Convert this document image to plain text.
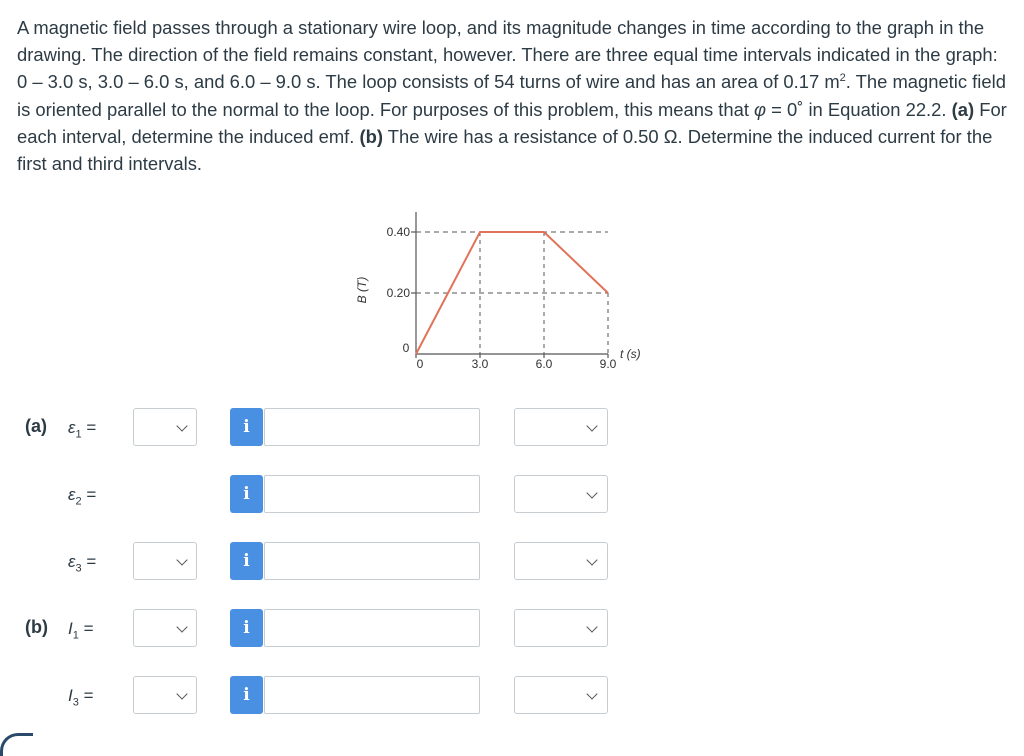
A magnetic field passes through a stationary wire loop, and its magnitude changes in time according to the graph in the drawing. The direction of the field remains constant, however. There are three equal time intervals indicated in the graph: 0 – 3.0 s, 3.0 – 6.0 s, and 6.0 – 9.0 s. The loop consists of 54 turns of wire and has an area of 0.17 $m^2$. The magnetic field is oriented parallel to the normal to the loop. For purposes of this problem, this means that φ = 0˚ in Equation 22.2. (a) For each interval, determine the induced emf. (b) The wire has a resistance of 0.50 Ω. Determine the induced current for the first and third intervals.
0.40
0.20
0
0	3.0	6.0	9.0
B (T)
t (s)
(a) $\varepsilon_1$ =	i
$\varepsilon_2$ =	i
$\varepsilon_3$ =	i
(b) $I_1$ =	i
$I_3$ =	i
